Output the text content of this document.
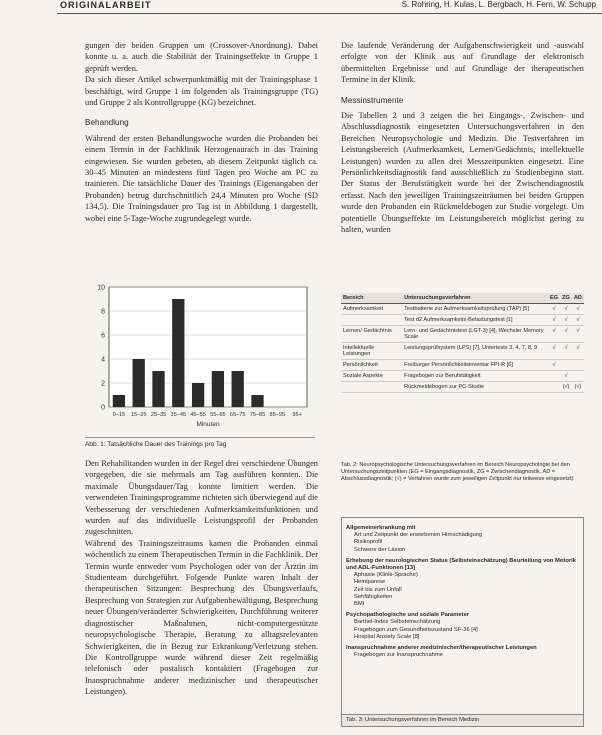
ORIGINALARBEIT	S. Rohring, H. Kulas, L. Bergbach, H. Fern, W. Schupp

gungen der beiden Gruppen um (Crossover-Anordnung). Dabei konnte u. a. auch die Stabilität der Trainingseffekte in Gruppe 1 geprüft werden.

Da sich dieser Artikel schwerpunktmäßig mit der Trainingsphase 1 beschäftigt, wird Gruppe 1 im folgenden als Trainingsgruppe (TG) und Gruppe 2 als Kontrollgruppe (KG) bezeichnet.

Behandlung

Während der ersten Behandlungswoche wurden die Probanden bei einem Termin in der Fachklinik Herzogenaurach in das Training eingewiesen. Sie wurden gebeten, ab diesem Zeitpunkt täglich ca. 30–45 Minuten an mindestens fünf Tagen pro Woche am PC zu trainieren. Die tatsächliche Dauer des Trainings (Eigenangaben der Probanden) betrug durchschnittlich 24,4 Minuten pro Woche (SD 134,5). Die Trainingsdauer pro Tag ist in Abbildung 1 dargestellt, wobei eine 5-Tage-Woche zugrundegelegt wurde.

0
2
4
6
8
10
0–15 15–25 25–35 35–45 45–55 55–65 65–75 75–85 85–95 95+
Minuten
Abb. 1: Tatsächliche Dauer des Trainings pro Tag

Den Rehabilitanden wurden in der Regel drei verschiedene Übungen vorgegeben, die sie mehrmals am Tag ausführen konnten. Die maximale Übungsdauer/Tag konnte limitiert werden. Die verwendeten Trainingsprogramme richteten sich überwiegend auf die Verbesserung der verschiedenen Aufmerksamkeitsfunktionen und wurden auf das individuelle Leistungsprofil der Probanden zugeschnitten.

Während des Trainingszeitraums kamen die Probanden einmal wöchentlich zu einem Therapeutischen Termin in die Fachklinik. Der Termin wurde entweder vom Psychologen oder von der Ärztin im Studienteam durchgeführt. Folgende Punkte waren Inhalt der therapeutischen Sitzungen: Besprechung des Übungsverlaufs, Besprechung von Strategien zur Aufgabenbewältigung, Besprechung neuer Übungen/veränderter Schwierigkeiten, Durchführung weiterer diagnostischer Maßnahmen, nicht-computergestützte neuropsychologische Therapie, Beratung zu alltagsrelevanten Schwierigkeiten, die in Bezug zur Erkrankung/Verletzung stehen. Die Kontrollgruppe wurde während dieser Zeit regelmäßig telefonisch oder postalisch kontaktiert (Fragebogen zur Inanspruchnahme anderer medizinischer und therapeutischer Leistungen).

Die laufende Veränderung der Aufgabenschwierigkeit und -auswahl erfolgte von der Klinik aus auf Grundlage der elektronisch übermittelten Ergebnisse und auf Grundlage der therapeutischen Termine in der Klinik.

Messinstrumente

Die Tabellen 2 und 3 zeigen die bei Eingangs-, Zwischen- und Abschlussdiagnostik eingesetzten Untersuchungsverfahren in den Bereichen Neuropsychologie und Medizin. Die Testverfahren im Leistungsbereich (Aufmerksamkeit, Lernen/Gedächtnis, intellektuelle Leistungen) wurden zu allen drei Messzeitpunkten eingesetzt. Eine Persönlichkeitsdiagnostik fand ausschließlich zu Studienbeginn statt. Der Status der Berufstätigkeit wurde bei der Zwischendiagnostik erfasst. Nach den jeweiligen Trainingszeiträumen bei beiden Gruppen wurde den Probanden ein Rückmeldebogen zur Studie vorgelegt. Um potentielle Übungseffekte im Leistungsbereich möglichst gering zu halten, wurden

Bereich	Untersuchungsverfahren	EG	ZG	AD
Aufmerksamkeit	Testbatterie zur Aufmerksamkeitsprüfung (TAP) [5]	√	√	√
	Test d2 Aufmerksamkeits-Belastungstest [1]	√	√	√
Lernen/ Gedächtnis	Lern- und Gedächtnistest (LGT-3) [4], Wechsler Memory Scale	√	√	√
Intellektuelle Leistungen	Leistungsprüfsystem (LPS) [7], Untertests 3, 4, 7, 8, 9	√	√	√
Persönlichkeit	Freiburger Persönlichkeitsinventar FPI-R [6]	√		
Soziale Aspekte	Fragebogen zur Berufstätigkeit		√	
	Rückmeldebogen zur PC-Studie		(√)	(√)
Tab. 2: Neuropsychologische Untersuchungsverfahren im Bereich Neuropsychologie bei den Untersuchungszeitpunkten (EG = Eingangsdiagnostik, ZG = Zwischendiagnostik, AD = Abschlussdiagnostik; (√) = Verfahren wurde zum jeweiligen Zeitpunkt nur teilweise eingesetzt)
Allgemeinerkrankung mit
Art und Zeitpunkt der erworbenen Hirnschädigung
Risikoprofil
Schwere der Läsion
Erhebung der neurologischen Status (Selbsteinschätzung) Beurteilung von Motorik und ADL-Funktionen [13]
Aphasie (Klinik-Sprache)
Hemiparese
Zeit bis zum Unfall
Sehfähigkeiten
BMI
Psychopathologische und soziale Parameter
Barthel-Index Selbsteinschätzung
Fragebogen zum Gesundheitszustand SF-36 [4]
Hospital Anxiety Scale [8]
Inanspruchnahme anderer medizinischer/therapeutischer Leistungen
Fragebogen zur Inanspruchnahme
Tab. 3: Untersuchungsverfahren im Bereich Medizin
